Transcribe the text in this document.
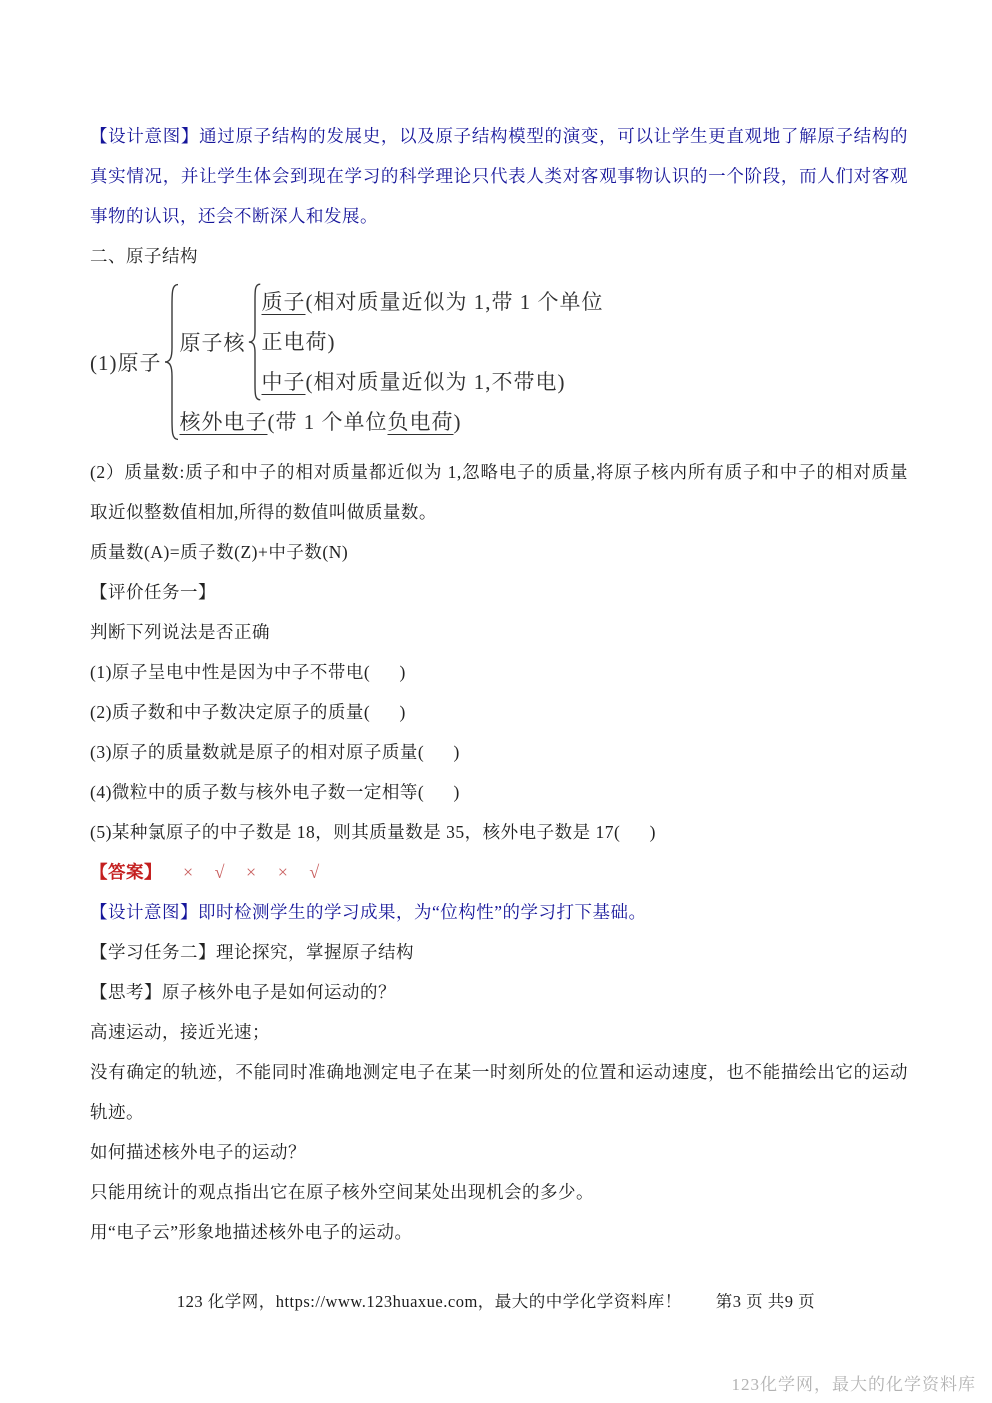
【设计意图】通过原子结构的发展史，以及原子结构模型的演变，可以让学生更直观地了解原子结构的真实情况，并让学生体会到现在学习的科学理论只代表人类对客观事物认识的一个阶段，而人们对客观事物的认识，还会不断深人和发展。

二、原子结构

(1)原子
原子核
质子(相对质量近似为 1,带 1 个单位
正电荷)
中子(相对质量近似为 1,不带电)
核外电子(带 1 个单位负电荷)

(2）质量数:质子和中子的相对质量都近似为 1,忽略电子的质量,将原子核内所有质子和中子的相对质量取近似整数值相加,所得的数值叫做质量数。

质量数(A)=质子数(Z)+中子数(N)

【评价任务一】

判断下列说法是否正确

(1)原子呈电中性是因为中子不带电(      )

(2)质子数和中子数决定原子的质量(      )

(3)原子的质量数就是原子的相对原子质量(      )

(4)微粒中的质子数与核外电子数一定相等(      )

(5)某种氯原子的中子数是 18，则其质量数是 35，核外电子数是 17(      )

【答案】 × √ × × √

【设计意图】即时检测学生的学习成果，为“位构性”的学习打下基础。

【学习任务二】理论探究，掌握原子结构

【思考】原子核外电子是如何运动的？

高速运动，接近光速；

没有确定的轨迹，不能同时准确地测定电子在某一时刻所处的位置和运动速度，也不能描绘出它的运动轨迹。

如何描述核外电子的运动？

只能用统计的观点指出它在原子核外空间某处出现机会的多少。

用“电子云”形象地描述核外电子的运动。

123 化学网，https://www.123huaxue.com，最大的中学化学资料库！ 第3 页 共9 页
123化学网，最大的化学资料库
